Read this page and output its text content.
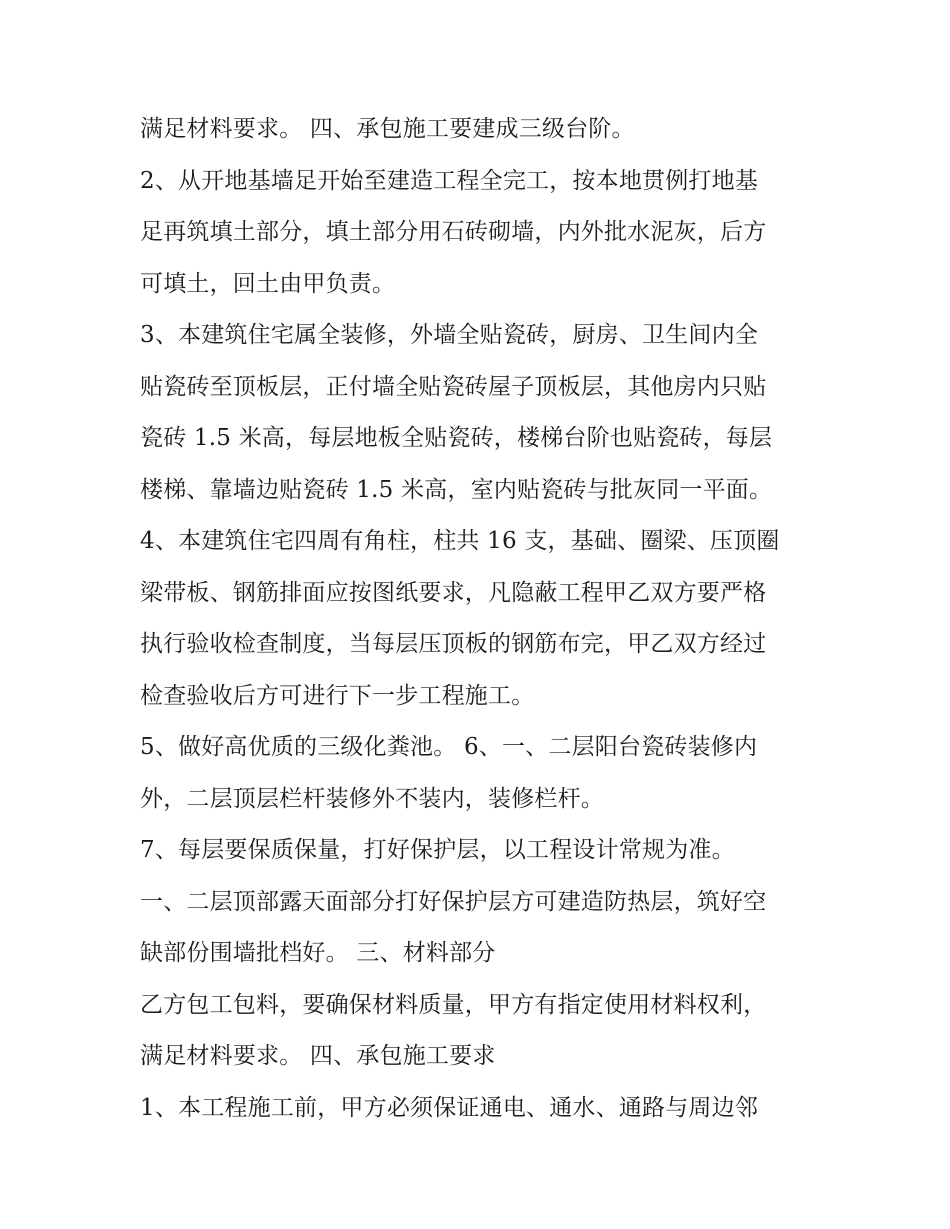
满足材料要求。 四、承包施工要建成三级台阶。
2、从开地基墙足开始至建造工程全完工，按本地贯例打地基
足再筑填土部分，填土部分用石砖砌墙，内外批水泥灰，后方
可填土，回土由甲负责。
3、本建筑住宅属全装修，外墙全贴瓷砖，厨房、卫生间内全
贴瓷砖至顶板层，正付墙全贴瓷砖屋子顶板层，其他房内只贴
瓷砖 1.5 米高，每层地板全贴瓷砖，楼梯台阶也贴瓷砖，每层
楼梯、靠墙边贴瓷砖 1.5 米高，室内贴瓷砖与批灰同一平面。
4、本建筑住宅四周有角柱，柱共 16 支，基础、圈梁、压顶圈
梁带板、钢筋排面应按图纸要求，凡隐蔽工程甲乙双方要严格
执行验收检查制度，当每层压顶板的钢筋布完，甲乙双方经过
检查验收后方可进行下一步工程施工。
5、做好高优质的三级化粪池。 6、一、二层阳台瓷砖装修内
外，二层顶层栏杆装修外不装内，装修栏杆。
7、每层要保质保量，打好保护层，以工程设计常规为准。
一、二层顶部露天面部分打好保护层方可建造防热层，筑好空
缺部份围墙批档好。 三、材料部分
乙方包工包料，要确保材料质量，甲方有指定使用材料权利，
满足材料要求。 四、承包施工要求
1、本工程施工前，甲方必须保证通电、通水、通路与周边邻
